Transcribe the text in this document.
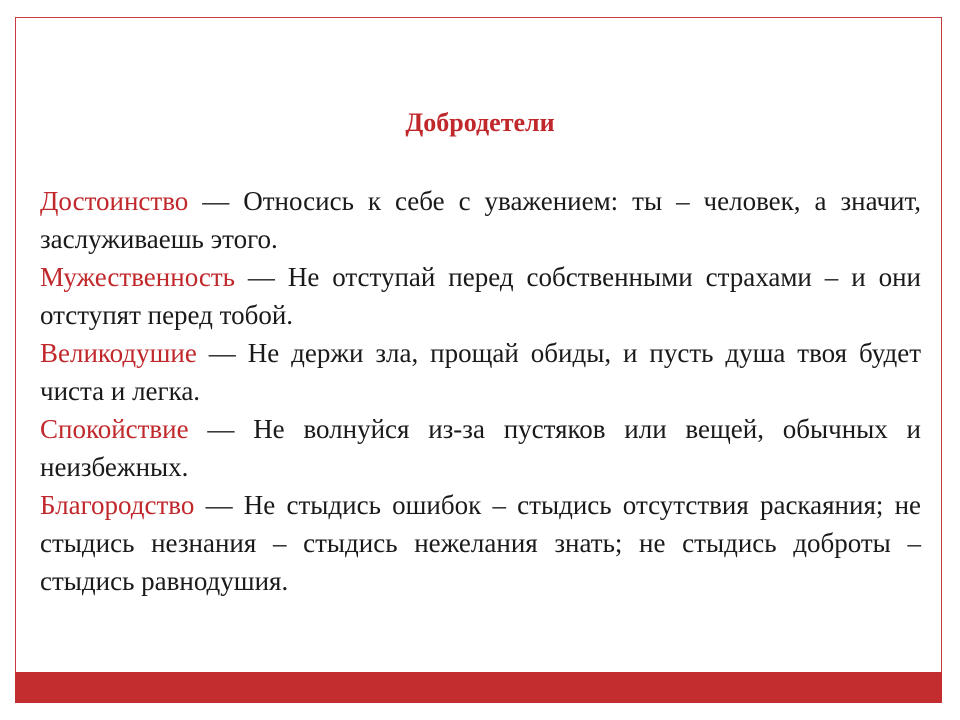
Добродетели

Достоинство — Относись к себе с уважением: ты – человек, а значит, заслуживаешь этого.

Мужественность — Не отступай перед собственными страхами – и они отступят перед тобой.

Великодушие — Не держи зла, прощай обиды, и пусть душа твоя будет чиста и легка.

Спокойствие — Не волнуйся из-за пустяков или вещей, обычных и неизбежных.

Благородство — Не стыдись ошибок – стыдись отсутствия раскаяния; не стыдись незнания – стыдись нежелания знать; не стыдись доброты – стыдись равнодушия.
